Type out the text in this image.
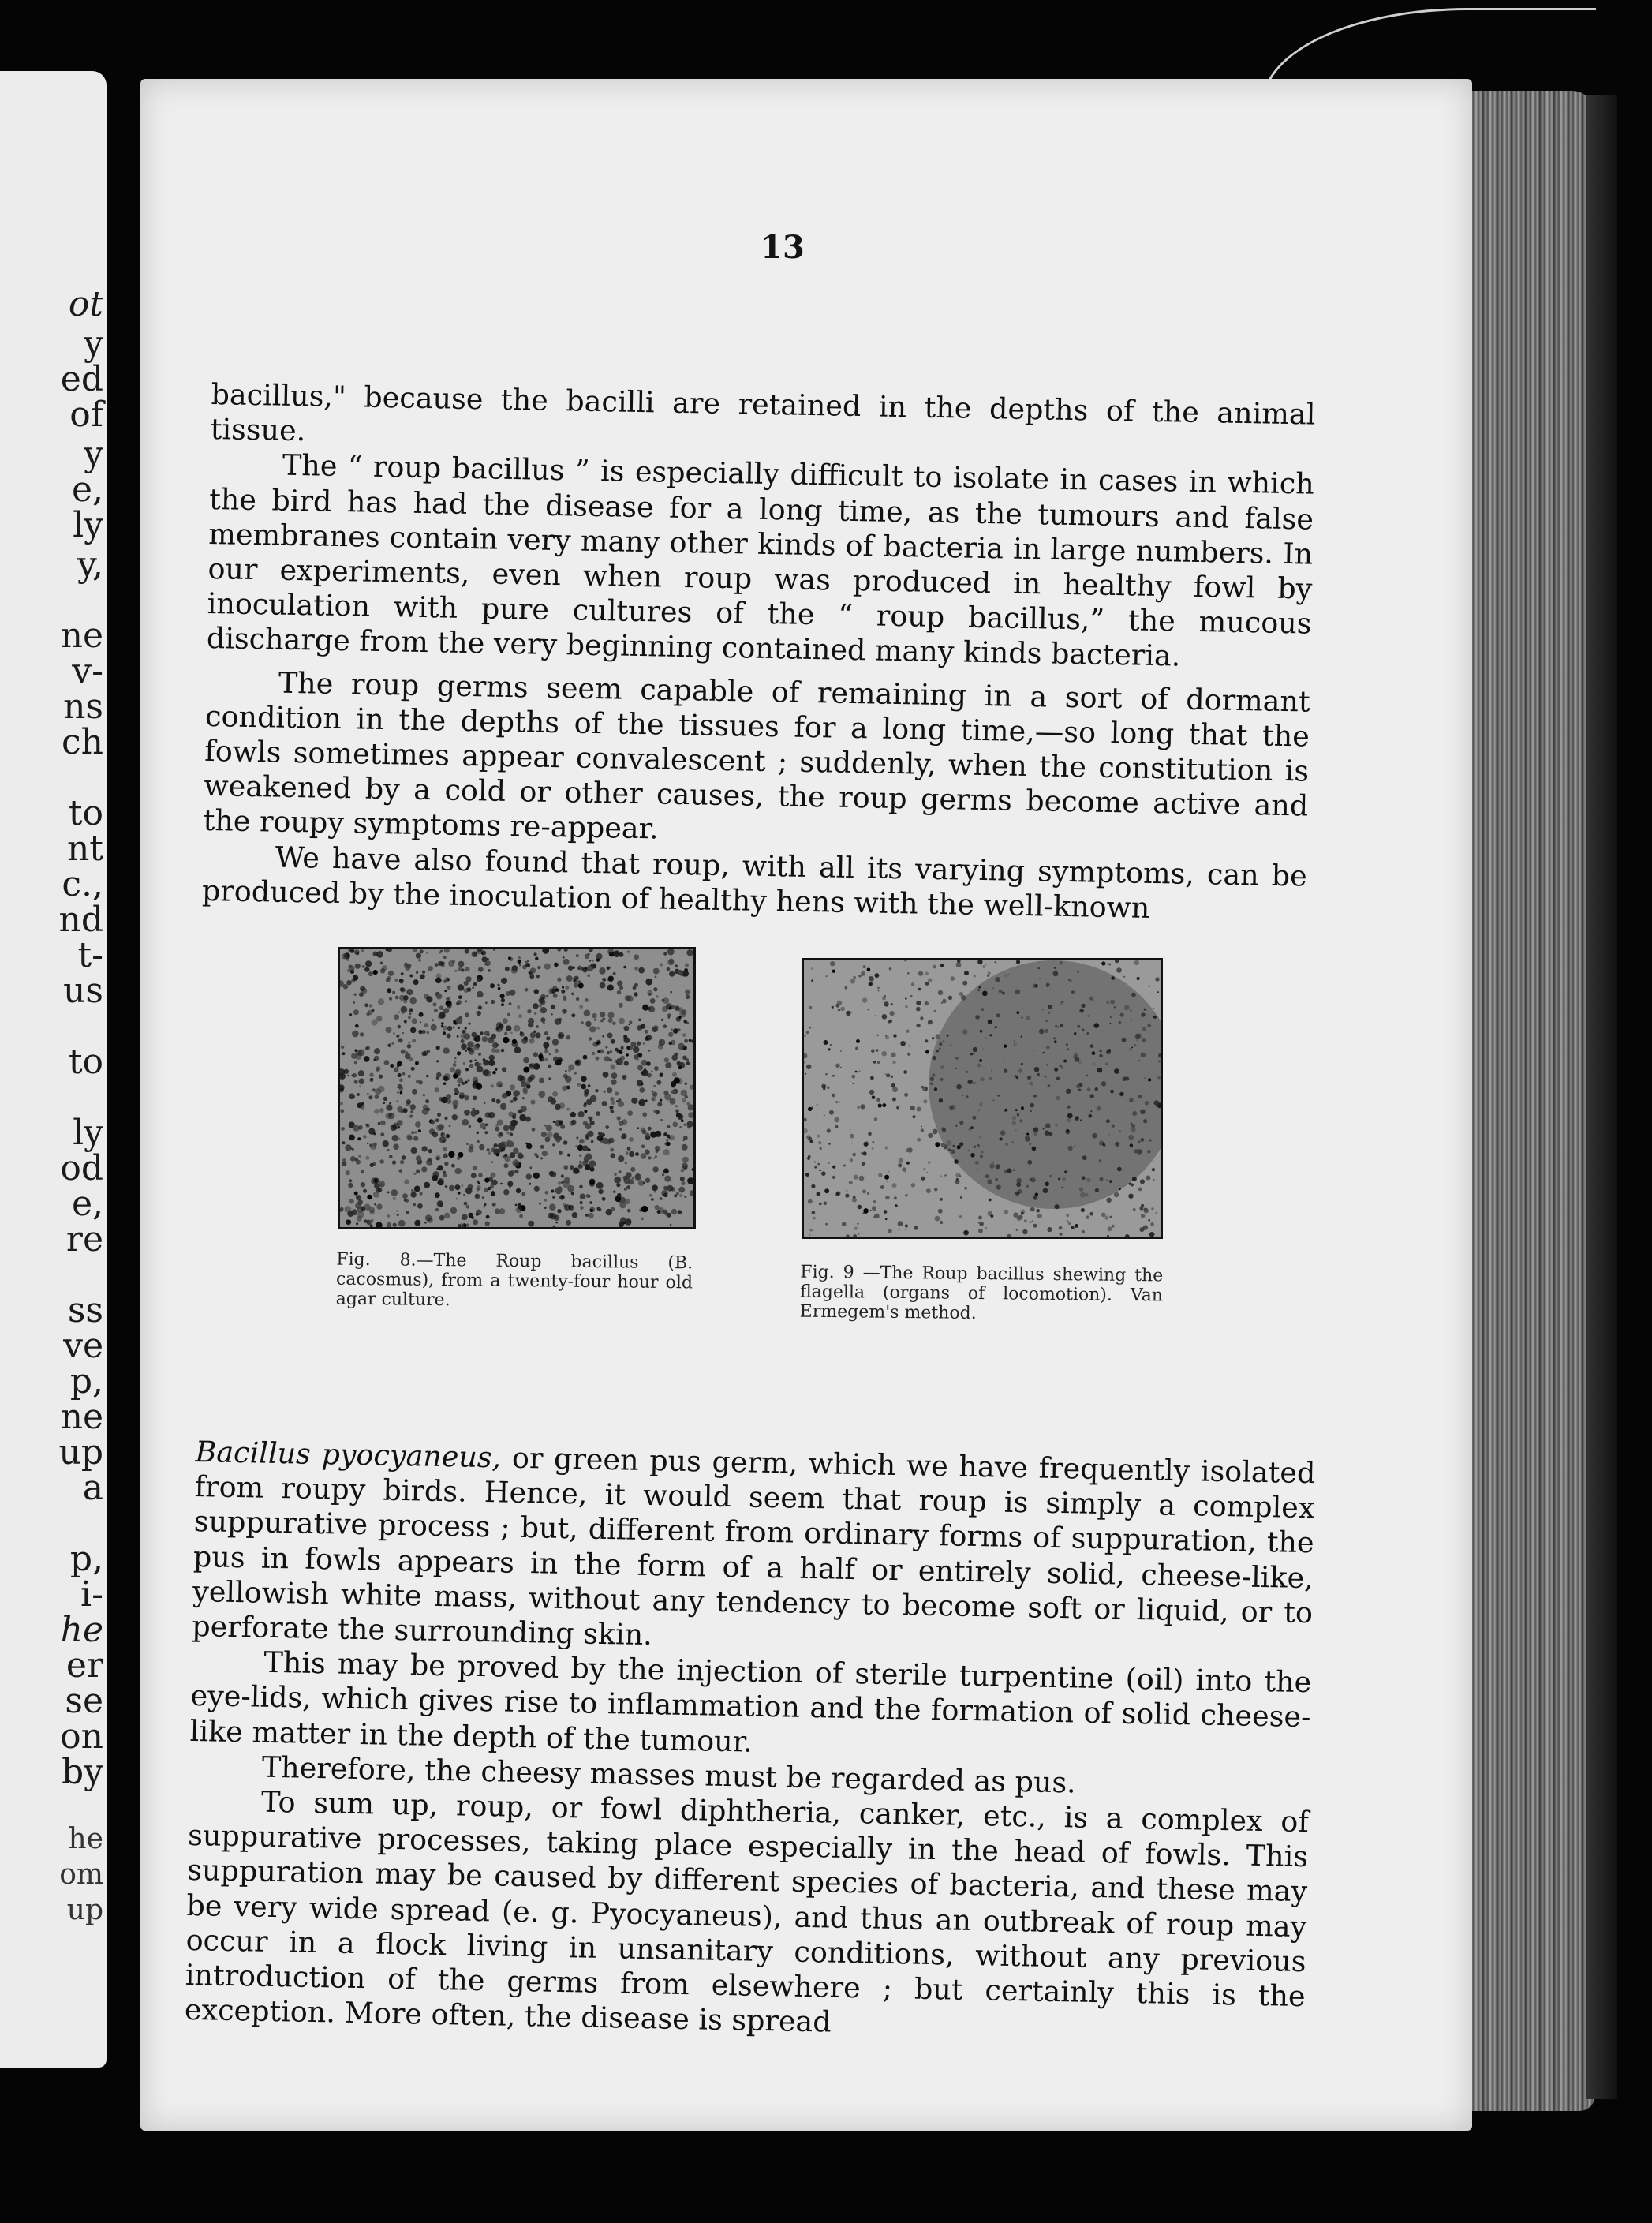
ot
y
ed
of
y
e,
ly
y,
ne
v-
ns
ch
to
nt
c.,
nd
t-
us
to
ly
od
e,
re
ss
ve
p,
ne
up
a
p,
i-
he
er
se
on
by
he
om
up
13

bacillus," because the bacilli are retained in the depths of the animal tissue.

The “ roup bacillus ” is especially difficult to isolate in cases in which the bird has had the disease for a long time, as the tumours and false membranes contain very many other kinds of bacteria in large numbers. In our experiments, even when roup was produced in healthy fowl by inoculation with pure cultures of the “ roup bacillus,” the mucous discharge from the very beginning contained many kinds bacteria.

The roup germs seem capable of remaining in a sort of dormant condition in the depths of the tissues for a long time,—so long that the fowls sometimes appear convalescent ; suddenly, when the constitution is weakened by a cold or other causes, the roup germs become active and the roupy symptoms re-appear.

We have also found that roup, with all its varying symptoms, can be produced by the inoculation of healthy hens with the well-known

Fig. 8.—The Roup bacillus (B. cacosmus), from a twenty-four hour old agar culture.
Fig. 9 —The Roup bacillus shewing the flagella (organs of locomotion). Van Ermegem's method.

Bacillus pyocyaneus, or green pus germ, which we have frequently isolated from roupy birds. Hence, it would seem that roup is simply a complex suppurative process ; but, different from ordinary forms of suppuration, the pus in fowls appears in the form of a half or entirely solid, cheese-like, yellowish white mass, without any tendency to become soft or liquid, or to perforate the surrounding skin.

This may be proved by the injection of sterile turpentine (oil) into the eye-lids, which gives rise to inflammation and the formation of solid cheese-like matter in the depth of the tumour.

Therefore, the cheesy masses must be regarded as pus.

To sum up, roup, or fowl diphtheria, canker, etc., is a complex of suppurative processes, taking place especially in the head of fowls. This suppuration may be caused by different species of bacteria, and these may be very wide spread (e. g. Pyocyaneus), and thus an outbreak of roup may occur in a flock living in unsanitary conditions, without any previous introduction of the germs from elsewhere ; but certainly this is the exception. More often, the disease is spread
